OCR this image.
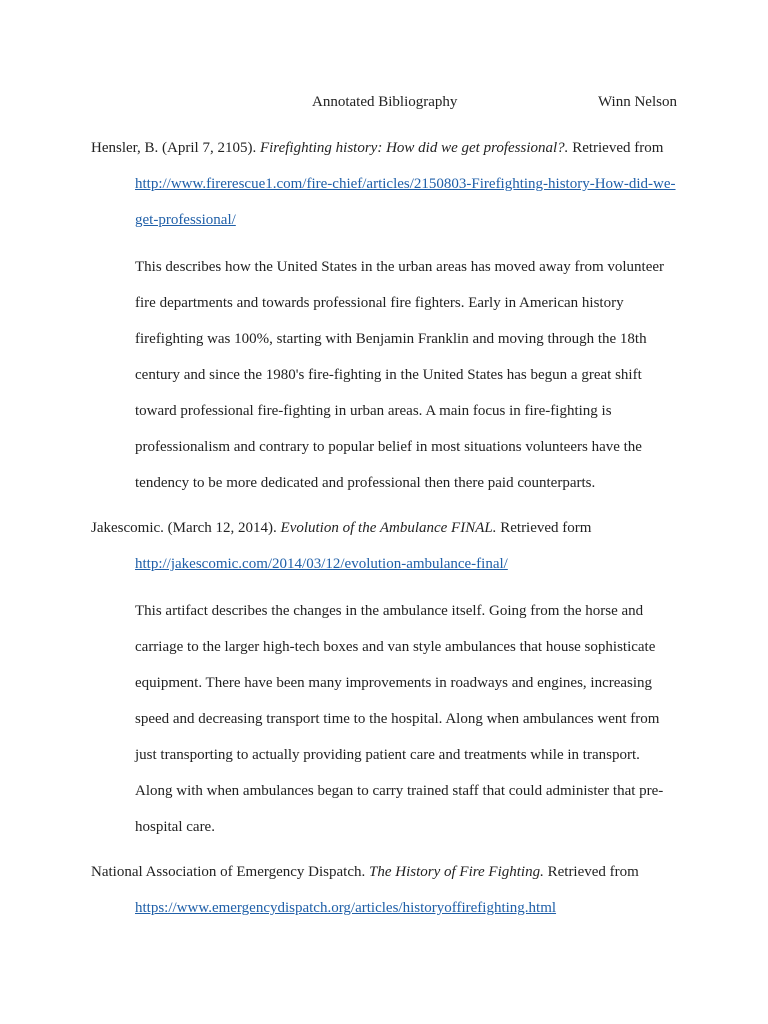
Annotated Bibliography	Winn Nelson

Hensler, B. (April 7, 2105). Firefighting history: How did we get professional?. Retrieved from http://www.firerescue1.com/fire-chief/articles/2150803-Firefighting-history-How-did-we-get-professional/

This describes how the United States in the urban areas has moved away from volunteer fire departments and towards professional fire fighters. Early in American history firefighting was 100%, starting with Benjamin Franklin and moving through the 18th century and since the 1980's fire-fighting in the United States has begun a great shift toward professional fire-fighting in urban areas. A main focus in fire-fighting is professionalism and contrary to popular belief in most situations volunteers have the tendency to be more dedicated and professional then there paid counterparts.

Jakescomic. (March 12, 2014). Evolution of the Ambulance FINAL. Retrieved form http://jakescomic.com/2014/03/12/evolution-ambulance-final/

This artifact describes the changes in the ambulance itself. Going from the horse and carriage to the larger high-tech boxes and van style ambulances that house sophisticate equipment. There have been many improvements in roadways and engines, increasing speed and decreasing transport time to the hospital. Along when ambulances went from just transporting to actually providing patient care and treatments while in transport. Along with when ambulances began to carry trained staff that could administer that pre-hospital care.

National Association of Emergency Dispatch. The History of Fire Fighting. Retrieved from https://www.emergencydispatch.org/articles/historyoffirefighting.html
